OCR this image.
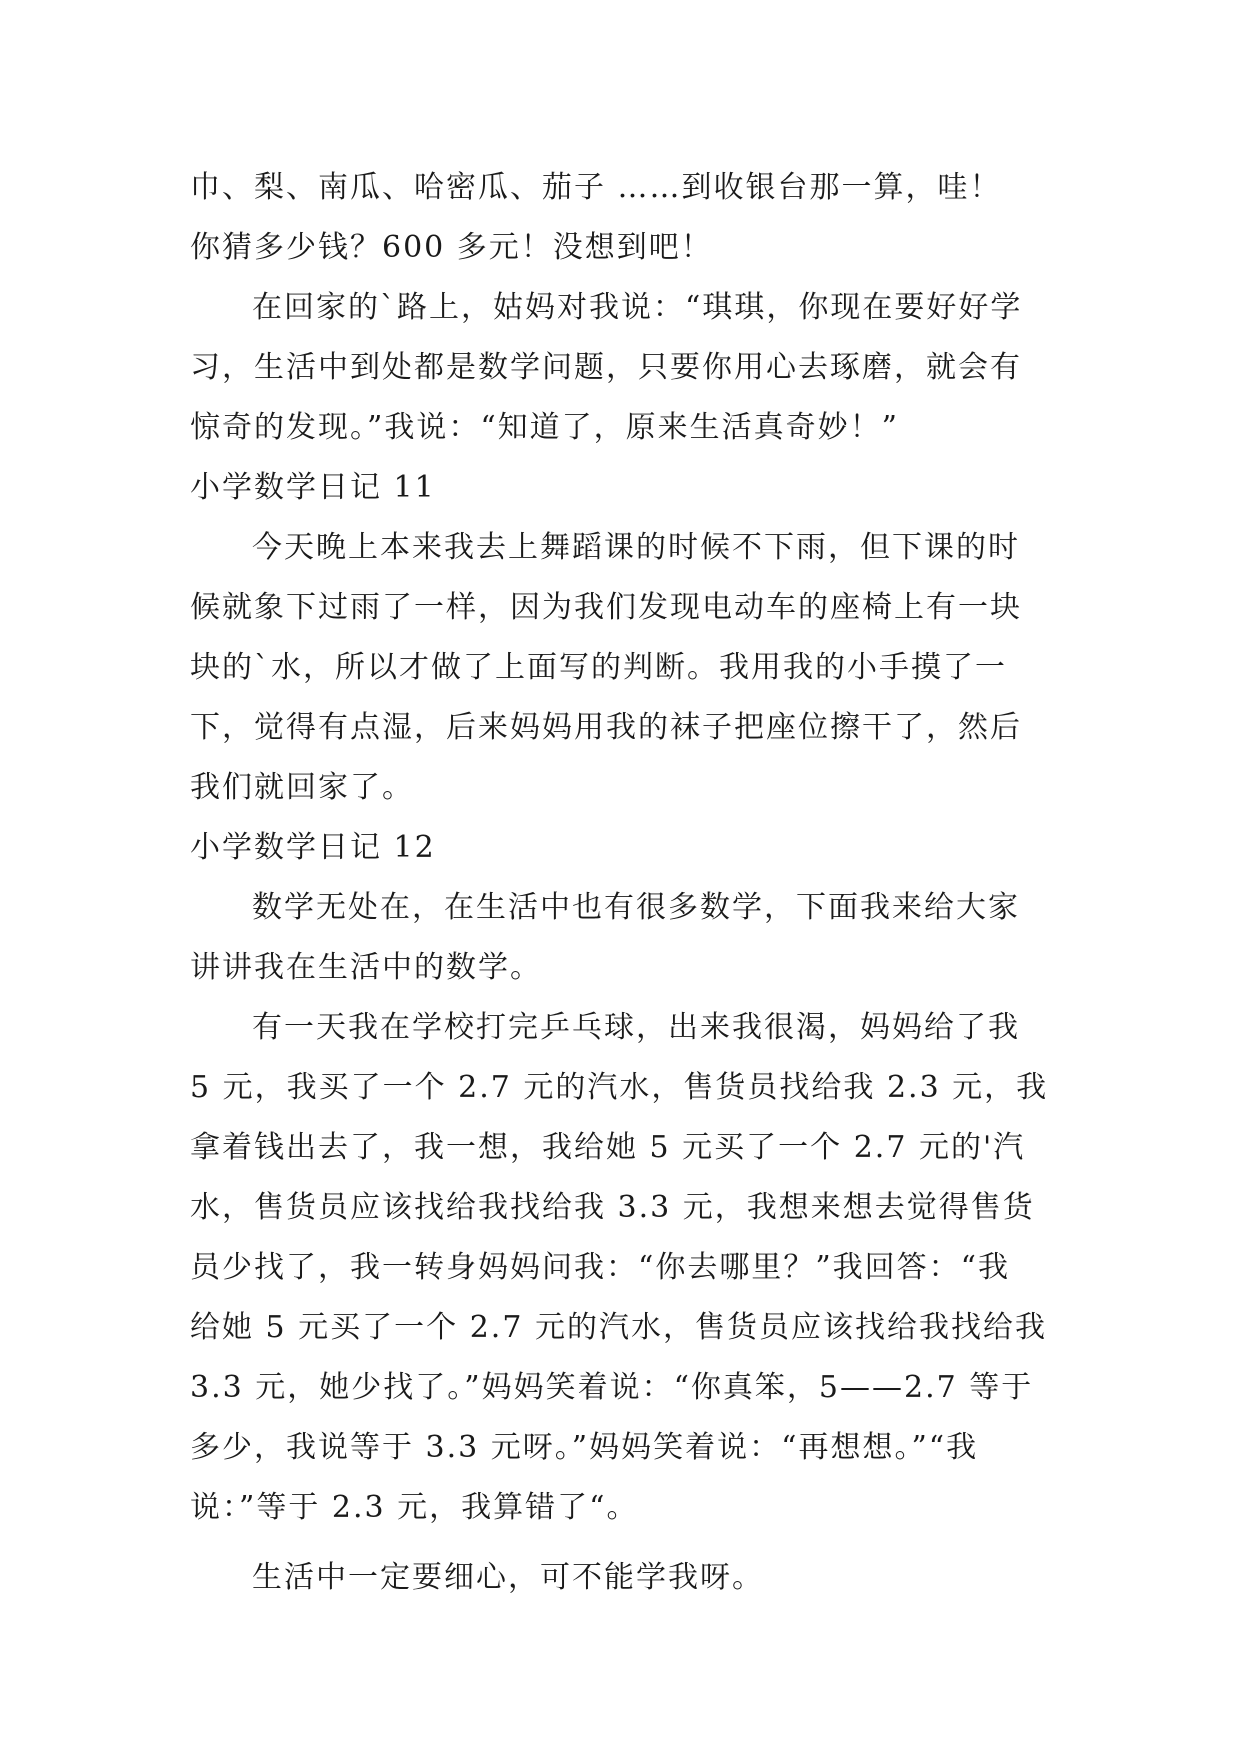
巾、梨、南瓜、哈密瓜、茄子 ……到收银台那一算，哇！
你猜多少钱？600 多元！没想到吧！
在回家的`路上，姑妈对我说：“琪琪，你现在要好好学
习，生活中到处都是数学问题，只要你用心去琢磨，就会有
惊奇的发现。”我说：“知道了，原来生活真奇妙！”
小学数学日记 11
今天晚上本来我去上舞蹈课的时候不下雨，但下课的时
候就象下过雨了一样，因为我们发现电动车的座椅上有一块
块的`水，所以才做了上面写的判断。我用我的小手摸了一
下，觉得有点湿，后来妈妈用我的袜子把座位擦干了，然后
我们就回家了。
小学数学日记 12
数学无处在，在生活中也有很多数学，下面我来给大家
讲讲我在生活中的数学。
有一天我在学校打完乒乓球，出来我很渴，妈妈给了我
5 元，我买了一个 2.7 元的汽水，售货员找给我 2.3 元，我
拿着钱出去了，我一想，我给她 5 元买了一个 2.7 元的'汽
水，售货员应该找给我找给我 3.3 元，我想来想去觉得售货
员少找了，我一转身妈妈问我：“你去哪里？”我回答：“我
给她 5 元买了一个 2.7 元的汽水，售货员应该找给我找给我
3.3 元，她少找了。”妈妈笑着说：“你真笨，5——2.7 等于
多少，我说等于 3.3 元呀。”妈妈笑着说：“再想想。”“我
说：”等于 2.3 元，我算错了“。
生活中一定要细心，可不能学我呀。
